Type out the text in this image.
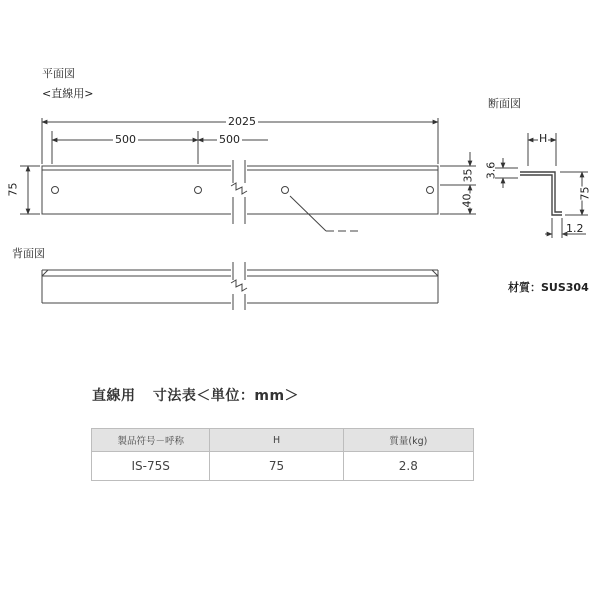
平面図
<直線用>
2025
500	500
75
35
40
断面図
H
3.6
75
1.2
背面図
材質：SUS304
直線用 寸法表＜単位：mm＞
製品符号－呼称	H	質量(kg)
IS-75S	75	2.8
